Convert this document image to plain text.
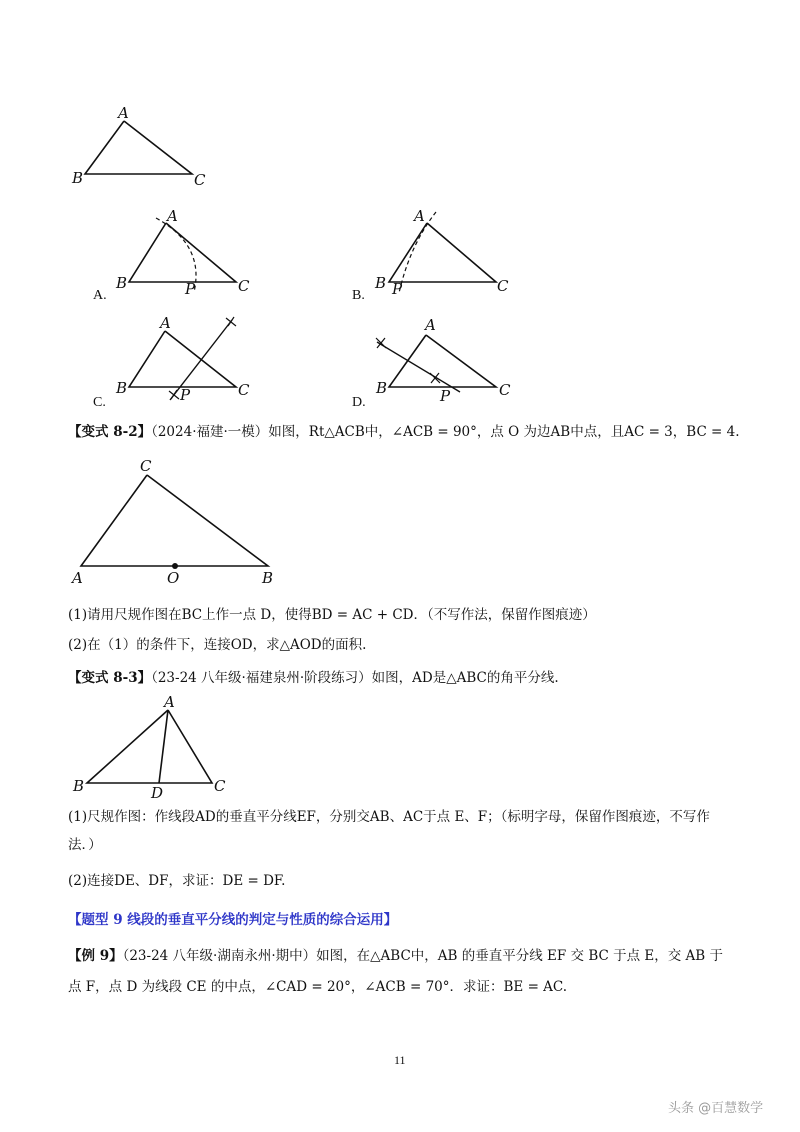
A
B	C
A
B	C
P
A.
A
B	C
P
B.
A
B	C
P
C.
A
B	C
P
D.
【变式 8-2】（2024·福建·一模）如图，Rt△ACB中，∠ACB = 90°，点 O 为边AB中点，且AC = 3，BC = 4.
C
A	O	B
(1)请用尺规作图在BC上作一点 D，使得BD = AC + CD．（不写作法，保留作图痕迹）
(2)在（1）的条件下，连接OD，求△AOD的面积.
【变式 8-3】（23-24 八年级·福建泉州·阶段练习）如图，AD是△ABC的角平分线.
A
B	C
D
(1)尺规作图：作线段AD的垂直平分线EF，分别交AB、AC于点 E、F；（标明字母，保留作图痕迹，不写作
法．）
(2)连接DE、DF，求证：DE = DF.
【题型 9 线段的垂直平分线的判定与性质的综合运用】
【例 9】（23-24 八年级·湖南永州·期中）如图，在△ABC中，AB 的垂直平分线 EF 交 BC 于点 E，交 AB 于
点 F，点 D 为线段 CE 的中点，∠CAD = 20°，∠ACB = 70°．求证：BE = AC.
11
头条 @百慧数学
